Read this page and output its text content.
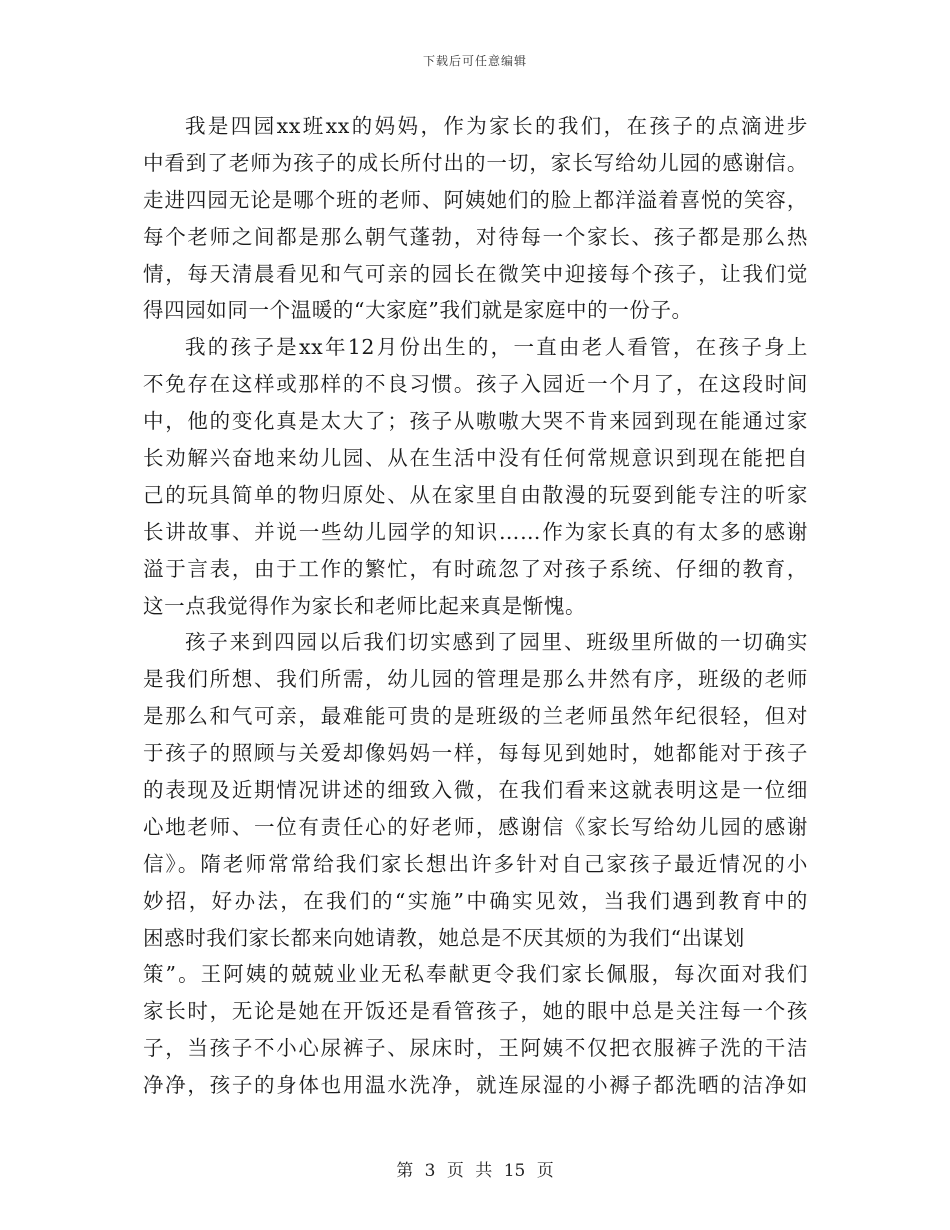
下载后可任意编辑
我是四园xx班xx的妈妈，作为家长的我们，在孩子的点滴进步
中看到了老师为孩子的成长所付出的一切，家长写给幼儿园的感谢信。
走进四园无论是哪个班的老师、阿姨她们的脸上都洋溢着喜悦的笑容，
每个老师之间都是那么朝气蓬勃，对待每一个家长、孩子都是那么热
情，每天清晨看见和气可亲的园长在微笑中迎接每个孩子，让我们觉
得四园如同一个温暖的“大家庭”我们就是家庭中的一份子。
我的孩子是xx年12月份出生的，一直由老人看管，在孩子身上
不免存在这样或那样的不良习惯。孩子入园近一个月了，在这段时间
中，他的变化真是太大了；孩子从嗷嗷大哭不肯来园到现在能通过家
长劝解兴奋地来幼儿园、从在生活中没有任何常规意识到现在能把自
己的玩具简单的物归原处、从在家里自由散漫的玩耍到能专注的听家
长讲故事、并说一些幼儿园学的知识……作为家长真的有太多的感谢
溢于言表，由于工作的繁忙，有时疏忽了对孩子系统、仔细的教育，
这一点我觉得作为家长和老师比起来真是惭愧。
孩子来到四园以后我们切实感到了园里、班级里所做的一切确实
是我们所想、我们所需，幼儿园的管理是那么井然有序，班级的老师
是那么和气可亲，最难能可贵的是班级的兰老师虽然年纪很轻，但对
于孩子的照顾与关爱却像妈妈一样，每每见到她时，她都能对于孩子
的表现及近期情况讲述的细致入微，在我们看来这就表明这是一位细
心地老师、一位有责任心的好老师，感谢信《家长写给幼儿园的感谢
信》。隋老师常常给我们家长想出许多针对自己家孩子最近情况的小
妙招，好办法，在我们的“实施”中确实见效，当我们遇到教育中的
困惑时我们家长都来向她请教，她总是不厌其烦的为我们“出谋划
策”。王阿姨的兢兢业业无私奉献更令我们家长佩服，每次面对我们
家长时，无论是她在开饭还是看管孩子，她的眼中总是关注每一个孩
子，当孩子不小心尿裤子、尿床时，王阿姨不仅把衣服裤子洗的干洁
净净，孩子的身体也用温水洗净，就连尿湿的小褥子都洗晒的洁净如
第 3 页 共 15 页
